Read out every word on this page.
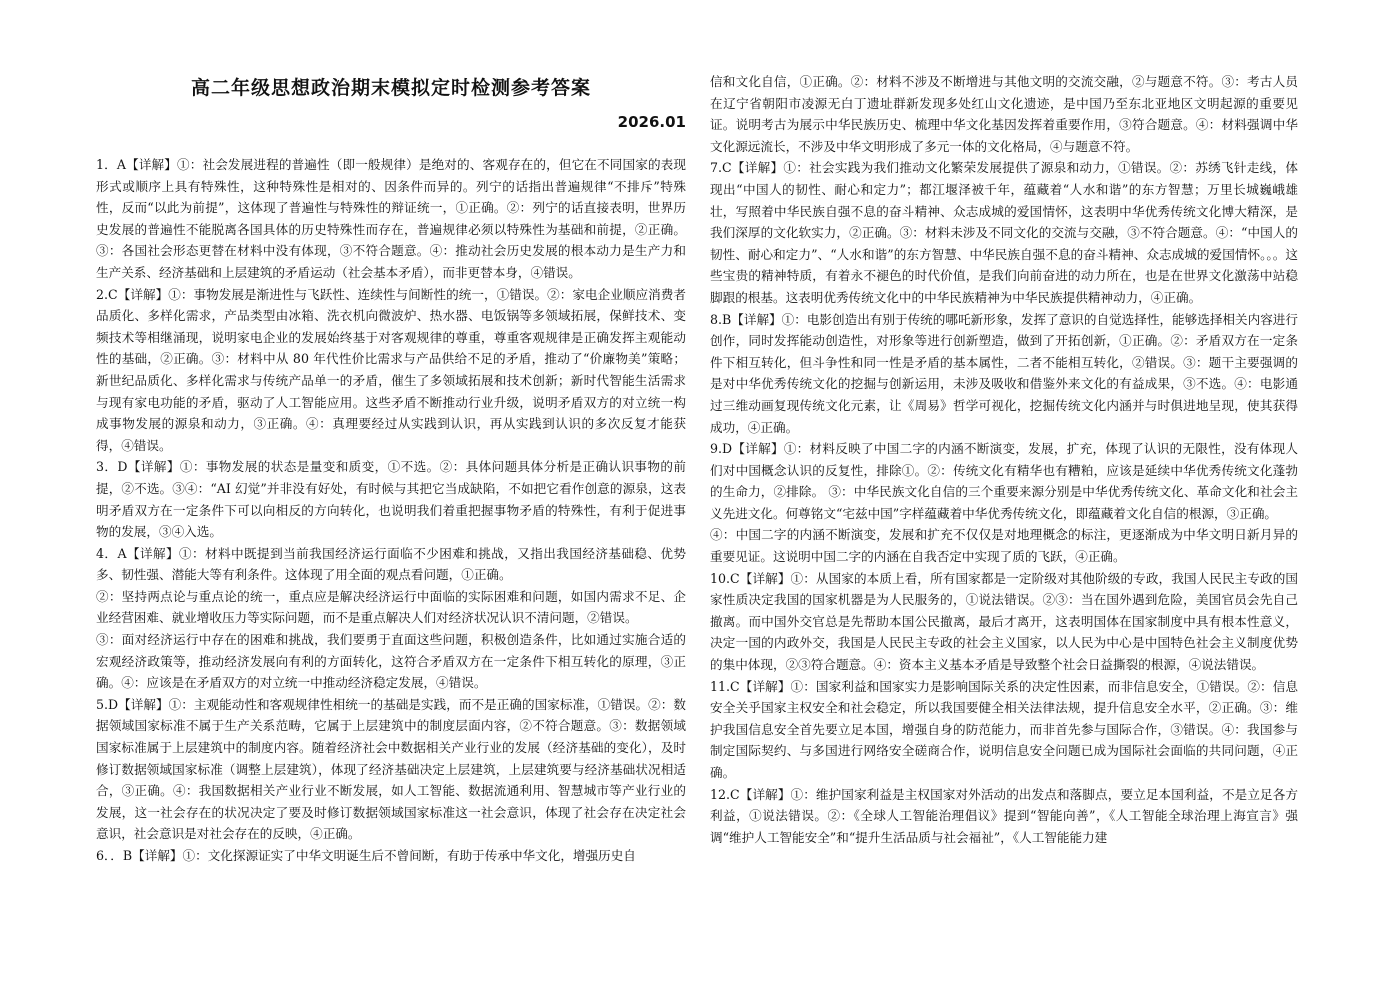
高二年级思想政治期末模拟定时检测参考答案
2026.01

1．A【详解】①：社会发展进程的普遍性（即一般规律）是绝对的、客观存在的，但它在不同国家的表现形式或顺序上具有特殊性，这种特殊性是相对的、因条件而异的。列宁的话指出普遍规律“不排斥”特殊性，反而“以此为前提”，这体现了普遍性与特殊性的辩证统一，①正确。②：列宁的话直接表明，世界历史发展的普遍性不能脱离各国具体的历史特殊性而存在，普遍规律必须以特殊性为基础和前提，②正确。③：各国社会形态更替在材料中没有体现，③不符合题意。④：推动社会历史发展的根本动力是生产力和生产关系、经济基础和上层建筑的矛盾运动（社会基本矛盾），而非更替本身，④错误。

2.C【详解】①：事物发展是渐进性与飞跃性、连续性与间断性的统一，①错误。②：家电企业顺应消费者品质化、多样化需求，产品类型由冰箱、洗衣机向微波炉、热水器、电饭锅等多领域拓展，保鲜技术、变频技术等相继涌现，说明家电企业的发展始终基于对客观规律的尊重，尊重客观规律是正确发挥主观能动性的基础，②正确。③：材料中从 80 年代性价比需求与产品供给不足的矛盾，推动了“价廉物美”策略；新世纪品质化、多样化需求与传统产品单一的矛盾，催生了多领域拓展和技术创新；新时代智能生活需求与现有家电功能的矛盾，驱动了人工智能应用。这些矛盾不断推动行业升级，说明矛盾双方的对立统一构成事物发展的源泉和动力，③正确。④：真理要经过从实践到认识，再从实践到认识的多次反复才能获得，④错误。

3．D【详解】①：事物发展的状态是量变和质变，①不选。②：具体问题具体分析是正确认识事物的前提，②不选。③④：“AI 幻觉”并非没有好处，有时候与其把它当成缺陷，不如把它看作创意的源泉，这表明矛盾双方在一定条件下可以向相反的方向转化，也说明我们着重把握事物矛盾的特殊性，有利于促进事物的发展，③④入选。

4．A【详解】①：材料中既提到当前我国经济运行面临不少困难和挑战，又指出我国经济基础稳、优势多、韧性强、潜能大等有利条件。这体现了用全面的观点看问题，①正确。

②：坚持两点论与重点论的统一，重点应是解决经济运行中面临的实际困难和问题，如国内需求不足、企业经营困难、就业增收压力等实际问题，而不是重点解决人们对经济状况认识不清问题，②错误。

③：面对经济运行中存在的困难和挑战，我们要勇于直面这些问题，积极创造条件，比如通过实施合适的宏观经济政策等，推动经济发展向有利的方面转化，这符合矛盾双方在一定条件下相互转化的原理，③正确。④：应该是在矛盾双方的对立统一中推动经济稳定发展，④错误。

5.D【详解】①：主观能动性和客观规律性相统一的基础是实践，而不是正确的国家标准，①错误。②：数据领域国家标准不属于生产关系范畴，它属于上层建筑中的制度层面内容，②不符合题意。③：数据领域国家标准属于上层建筑中的制度内容。随着经济社会中数据相关产业行业的发展（经济基础的变化），及时修订数据领域国家标准（调整上层建筑），体现了经济基础决定上层建筑，上层建筑要与经济基础状况相适合，③正确。④：我国数据相关产业行业不断发展，如人工智能、数据流通利用、智慧城市等产业行业的发展，这一社会存在的状况决定了要及时修订数据领域国家标准这一社会意识，体现了社会存在决定社会意识，社会意识是对社会存在的反映，④正确。

6．．B【详解】①：文化探源证实了中华文明诞生后不曾间断，有助于传承中华文化，增强历史自

信和文化自信，①正确。②：材料不涉及不断增进与其他文明的交流交融，②与题意不符。③：考古人员在辽宁省朝阳市凌源无白丁遗址群新发现多处红山文化遗迹，是中国乃至东北亚地区文明起源的重要见证。说明考古为展示中华民族历史、梳理中华文化基因发挥着重要作用，③符合题意。④：材料强调中华文化源远流长，不涉及中华文明形成了多元一体的文化格局，④与题意不符。

7.C【详解】①：社会实践为我们推动文化繁荣发展提供了源泉和动力，①错误。②：苏绣飞针走线，体现出“中国人的韧性、耐心和定力”；都江堰泽被千年，蕴藏着“人水和谐”的东方智慧；万里长城巍峨雄壮，写照着中华民族自强不息的奋斗精神、众志成城的爱国情怀，这表明中华优秀传统文化博大精深，是我们深厚的文化软实力，②正确。③：材料未涉及不同文化的交流与交融，③不符合题意。④：“中国人的韧性、耐心和定力”、“人水和谐”的东方智慧、中华民族自强不息的奋斗精神、众志成城的爱国情怀。。。这些宝贵的精神特质，有着永不褪色的时代价值，是我们向前奋进的动力所在，也是在世界文化激荡中站稳脚跟的根基。这表明优秀传统文化中的中华民族精神为中华民族提供精神动力，④正确。

8.B【详解】①：电影创造出有别于传统的哪吒新形象，发挥了意识的自觉选择性，能够选择相关内容进行创作，同时发挥能动创造性，对形象等进行创新塑造，做到了开拓创新，①正确。②：矛盾双方在一定条件下相互转化，但斗争性和同一性是矛盾的基本属性，二者不能相互转化，②错误。③：题干主要强调的是对中华优秀传统文化的挖掘与创新运用，未涉及吸收和借鉴外来文化的有益成果，③不选。④：电影通过三维动画复现传统文化元素，让《周易》哲学可视化，挖掘传统文化内涵并与时俱进地呈现，使其获得成功，④正确。

9.D【详解】①：材料反映了中国二字的内涵不断演变，发展，扩充，体现了认识的无限性，没有体现人们对中国概念认识的反复性，排除①。②：传统文化有精华也有糟粕，应该是延续中华优秀传统文化蓬勃的生命力，②排除。 ③：中华民族文化自信的三个重要来源分别是中华优秀传统文化、革命文化和社会主义先进文化。何尊铭文“宅兹中国”字样蕴藏着中华优秀传统文化，即蕴藏着文化自信的根源，③正确。

④：中国二字的内涵不断演变，发展和扩充不仅仅是对地理概念的标注，更逐渐成为中华文明日新月异的重要见证。这说明中国二字的内涵在自我否定中实现了质的飞跃，④正确。

10.C【详解】①：从国家的本质上看，所有国家都是一定阶级对其他阶级的专政，我国人民民主专政的国家性质决定我国的国家机器是为人民服务的，①说法错误。②③：当在国外遇到危险，美国官员会先自己撤离。而中国外交官总是先帮助本国公民撤离，最后才离开，这表明国体在国家制度中具有根本性意义，决定一国的内政外交，我国是人民民主专政的社会主义国家，以人民为中心是中国特色社会主义制度优势的集中体现，②③符合题意。④：资本主义基本矛盾是导致整个社会日益撕裂的根源，④说法错误。

11.C【详解】①：国家利益和国家实力是影响国际关系的决定性因素，而非信息安全，①错误。②：信息安全关乎国家主权安全和社会稳定，所以我国要健全相关法律法规，提升信息安全水平，②正确。③：维护我国信息安全首先要立足本国，增强自身的防范能力，而非首先参与国际合作，③错误。④：我国参与制定国际契约、与多国进行网络安全磋商合作，说明信息安全问题已成为国际社会面临的共同问题，④正确。

12.C【详解】①：维护国家利益是主权国家对外活动的出发点和落脚点，要立足本国利益，不是立足各方利益，①说法错误。②：《全球人工智能治理倡议》提到“智能向善”，《人工智能全球治理上海宣言》强调“维护人工智能安全”和“提升生活品质与社会福祉”，《人工智能能力建
